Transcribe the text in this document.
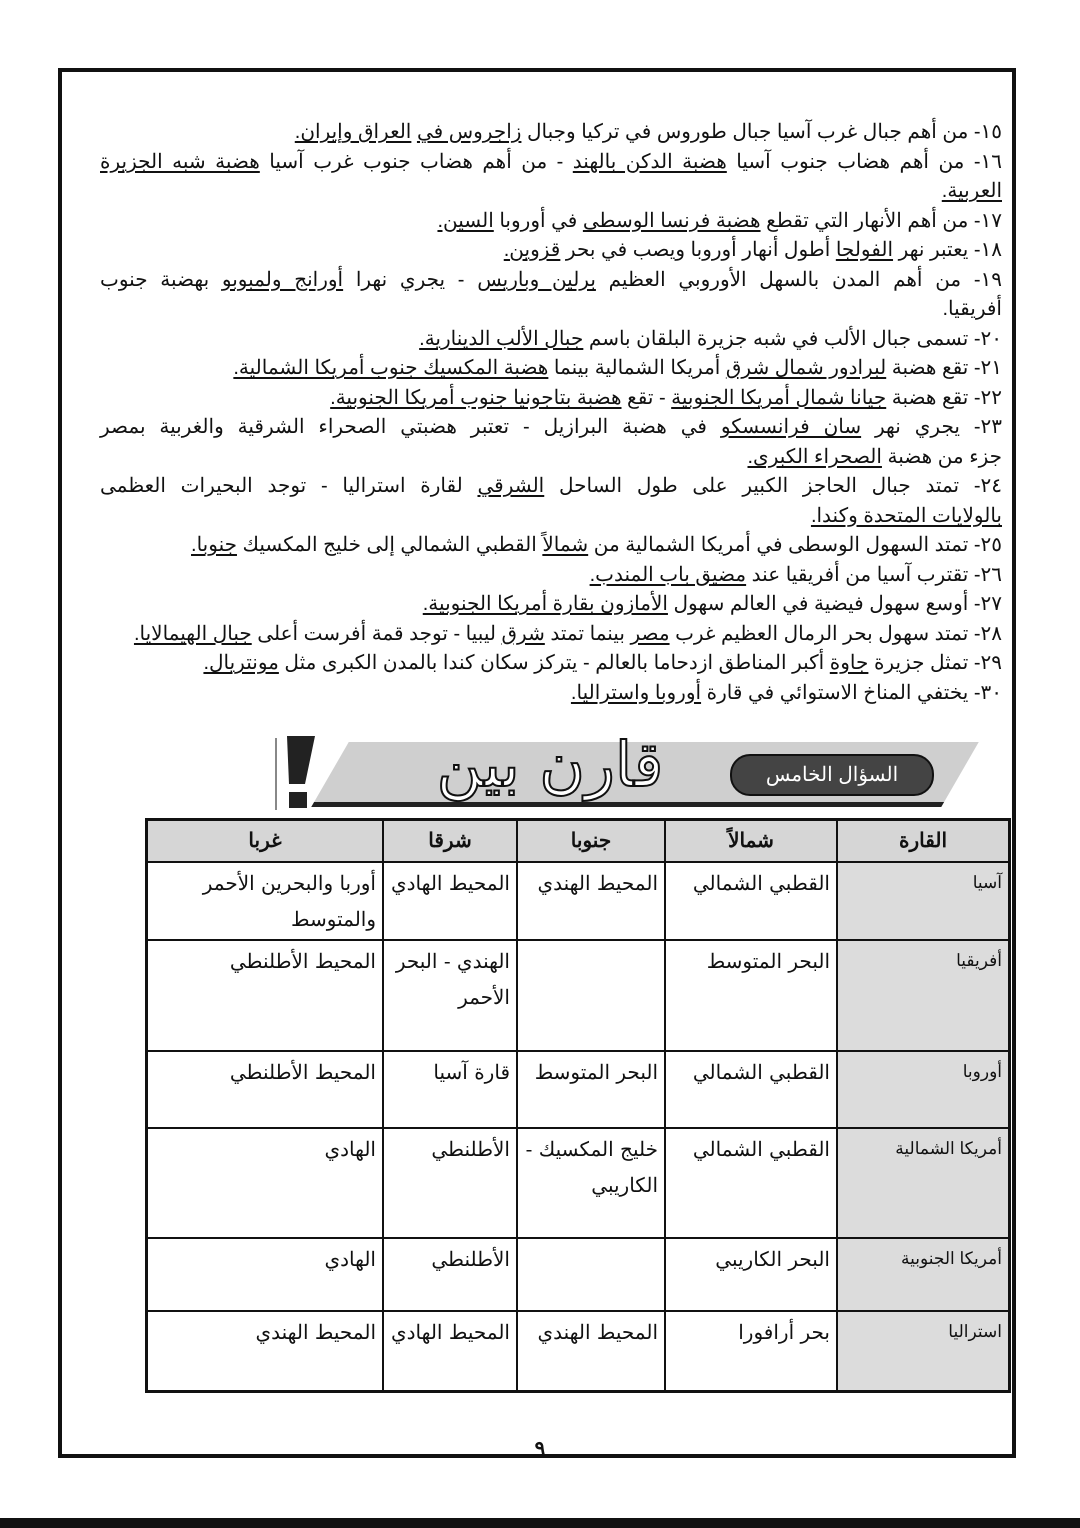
١٥- من أهم جبال غرب آسيا جبال طوروس في تركيا وجبال زاجروس في العراق وإيران.
١٦- من أهم هضاب جنوب آسيا هضبة الدكن بالهند - من أهم هضاب جنوب غرب آسيا هضبة شبه الجزيرة
العربية.
١٧- من أهم الأنهار التي تقطع هضبة فرنسا الوسطى في أوروبا السين.
١٨- يعتبر نهر الفولجا أطول أنهار أوروبا ويصب في بحر قزوين.
١٩- من أهم المدن بالسهل الأوروبي العظيم برلين وباريس - يجري نهرا أورانج ولمبوبو بهضبة جنوب
أفريقيا.
٢٠- تسمى جبال الألب في شبه جزيرة البلقان باسم جبال الألب الدينارية.
٢١- تقع هضبة لبرادور شمال شرق أمريكا الشمالية بينما هضبة المكسيك جنوب أمريكا الشمالية.
٢٢- تقع هضبة جيانا شمال أمريكا الجنوبية - تقع هضبة بتاجونيا جنوب أمريكا الجنوبية.
٢٣- يجري نهر سان فرانسسكو في هضبة البرازيل - تعتبر هضبتي الصحراء الشرقية والغربية بمصر
جزء من هضبة الصحراء الكبرى.
٢٤- تمتد جبال الحاجز الكبير على طول الساحل الشرقي لقارة استراليا - توجد البحيرات العظمى
بالولايات المتحدة وكندا.
٢٥- تمتد السهول الوسطى في أمريكا الشمالية من شمالاً القطبي الشمالي إلى خليج المكسيك جنوبا.
٢٦- تقترب آسيا من أفريقيا عند مضيق باب المندب.
٢٧- أوسع سهول فيضية في العالم سهول الأمازون بقارة أمريكا الجنوبية.
٢٨- تمتد سهول بحر الرمال العظيم غرب مصر بينما تمتد شرق ليبيا - توجد قمة أفرست أعلى جبال الهيمالايا.
٢٩- تمثل جزيرة جاوة أكبر المناطق ازدحاما بالعالم - يتركز سكان كندا بالمدن الكبرى مثل مونتريال.
٣٠- يختفي المناخ الاستوائي في قارة أوروبا واستراليا.
قارن بين	السؤال الخامس
القارة	شمالاً	جنوبا	شرقا	غربا
آسيا	القطبي الشمالي	المحيط الهندي	المحيط الهادي	أوربا والبحرين الأحمر والمتوسط
أفريقيا	البحر المتوسط		الهندي - البحر الأحمر	المحيط الأطلنطي
أوروبا	القطبي الشمالي	البحر المتوسط	قارة آسيا	المحيط الأطلنطي
أمريكا الشمالية	القطبي الشمالي	خليج المكسيك - الكاريبي	الأطلنطي	الهادي
أمريكا الجنوبية	البحر الكاريبي		الأطلنطي	الهادي
استراليا	بحر أرافورا	المحيط الهندي	المحيط الهادي	المحيط الهندي
٩
